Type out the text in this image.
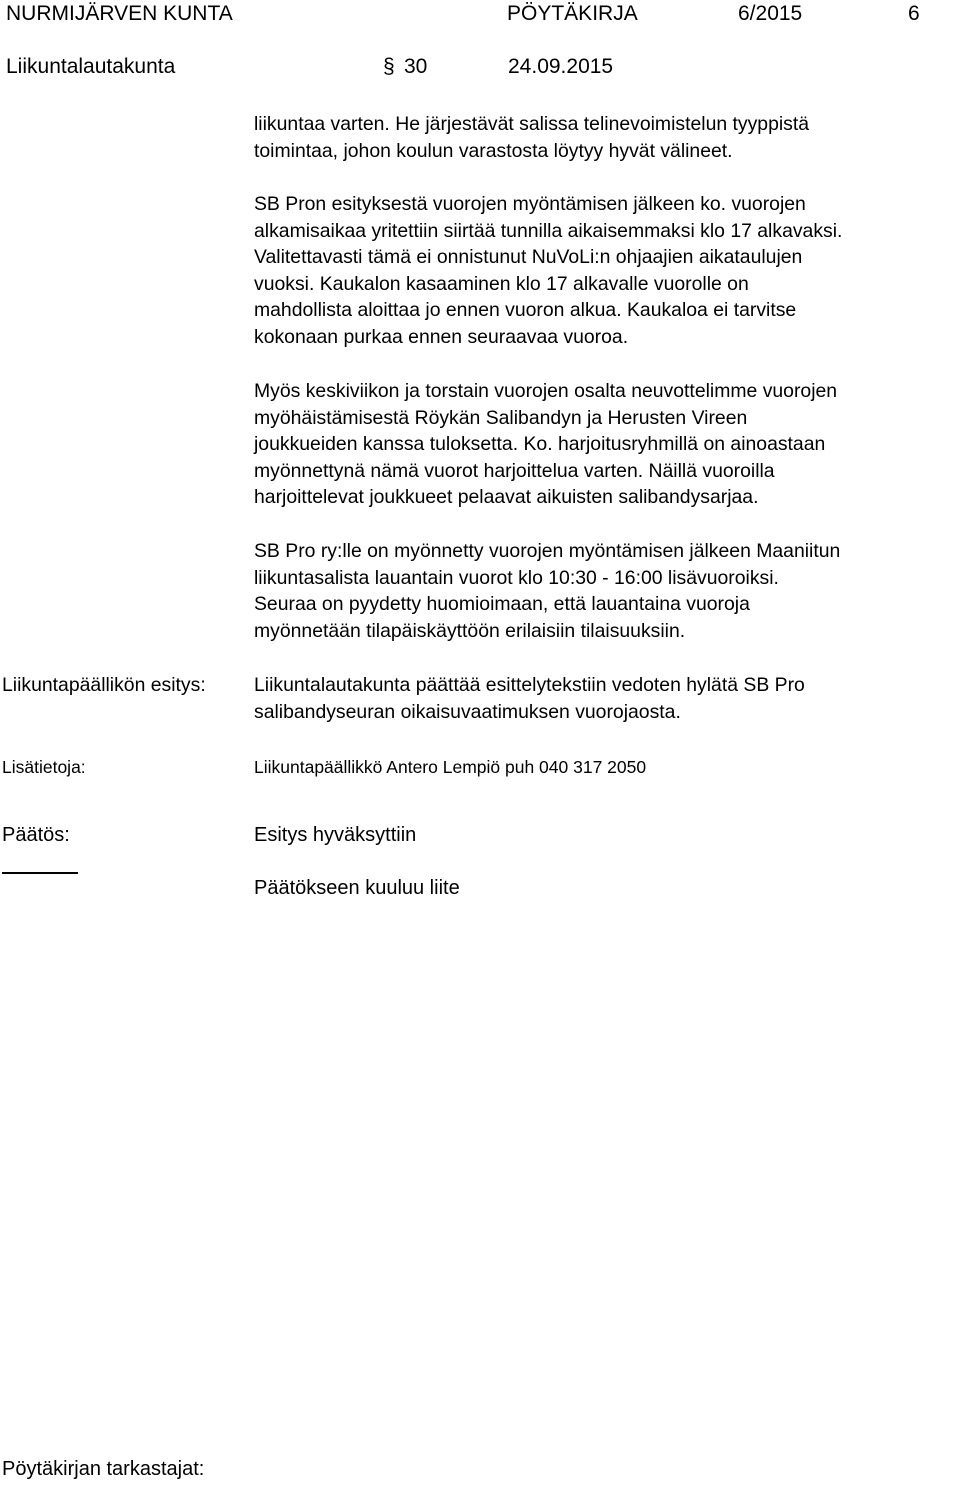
NURMIJÄRVEN KUNTA	PÖYTÄKIRJA	6/2015	6
Liikuntalautakunta	§ 30	24.09.2015
liikuntaa varten. He järjestävät salissa telinevoimistelun tyyppistä
toimintaa, johon koulun varastosta löytyy hyvät välineet.
SB Pron esityksestä vuorojen myöntämisen jälkeen ko. vuorojen
alkamisaikaa yritettiin siirtää tunnilla aikaisemmaksi klo 17 alkavaksi.
Valitettavasti tämä ei onnistunut NuVoLi:n ohjaajien aikataulujen
vuoksi. Kaukalon kasaaminen klo 17 alkavalle vuorolle on
mahdollista aloittaa jo ennen vuoron alkua. Kaukaloa ei tarvitse
kokonaan purkaa ennen seuraavaa vuoroa.
Myös keskiviikon ja torstain vuorojen osalta neuvottelimme vuorojen
myöhäistämisestä Röykän Salibandyn ja Herusten Vireen
joukkueiden kanssa tuloksetta. Ko. harjoitusryhmillä on ainoastaan
myönnettynä nämä vuorot harjoittelua varten. Näillä vuoroilla
harjoittelevat joukkueet pelaavat aikuisten salibandysarjaa.
SB Pro ry:lle on myönnetty vuorojen myöntämisen jälkeen Maaniitun
liikuntasalista lauantain vuorot klo 10:30 - 16:00 lisävuoroiksi.
Seuraa on pyydetty huomioimaan, että lauantaina vuoroja
myönnetään tilapäiskäyttöön erilaisiin tilaisuuksiin.
Liikuntapäällikön esitys: Liikuntalautakunta päättää esittelytekstiin vedoten hylätä SB Pro
salibandyseuran oikaisuvaatimuksen vuorojaosta.
Lisätietoja:	Liikuntapäällikkö Antero Lempiö puh 040 317 2050
Päätös:	Esitys hyväksyttiin
Päätökseen kuuluu liite
Pöytäkirjan tarkastajat:
